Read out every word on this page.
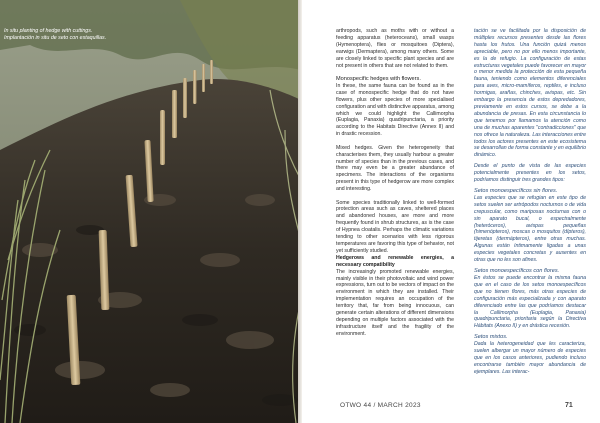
In situ planting of hedge with cuttings.

Implantación in situ de seto con estaquillas.

arthropods, such as moths with or without a feeding apparatus (heteroceans), small wasps (Hymenoptera), flies or mosquitoes (Diptera), earwigs (Dermaptera), among many others. Some are closely linked to specific plant species and are not present in others that are not related to them.

Monospecific hedges with flowers.

In these, the same fauna can be found as in the case of monospecific hedge that do not have flowers, plus other species of more specialised configuration and with distinctive apparatus, among which we could highlight the Callimorpha (Euplagia, Panaxia) quadripunctaria, a priority according to the Habitats Directive (Annex II) and in drastic recession.

Mixed hedges. Given the heterogeneity that characterises them, they usually harbour a greater number of species than in the previous cases, and there may even be a greater abundance of specimens. The interactions of the organisms present in this type of hedgerow are more complex and interesting.

Some species traditionally linked to well-formed protection areas such as caves, sheltered places and abandoned houses, are more and more frequently found in shrub structures, as is the case of Hypnea cloatalis. Perhaps the climatic variations tending to other scenarios with less rigorous temperatures are favoring this type of behavior, not yet sufficiently studied.

Hedgerows and renewable energies, a necessary compatibility

The increasingly promoted renewable energies, mainly visible in their photovoltaic and wind power expressions, turn out to be vectors of impact on the environment in which they are installed. Their implementation requires an occupation of the territory that, far from being innocuous, can generate certain alterations of different dimensions depending on multiple factors associated with the infrastructure itself and the fragility of the environment.

tación se ve facilitada por la disposición de múltiples recursos presentes desde las flores hasta los frutos. Una función quizá menos apreciable, pero no por ello menos importante, es la de refugio. La configuración de estas estructuras vegetales puede favorecer en mayor o menor medida la protección de esta pequeña fauna, teniendo como elementos diferenciales para aves, micro-mamíferos, reptiles, e incluso hormigas, arañas, chinches, avispas, etc. Sin embargo la presencia de estos depredadores, previamente en estos cursos, se debe a la abundancia de presas. En esta circunstancia lo que tenemos por llamamos la atención como una de muchas aparentes "contradicciones" que nos ofrece la naturaleza. Las interacciones entre todos los actores presentes en este ecosistema se desarrollan de forma constante y en equilibrio dinámico.

Desde el punto de vista de las especies potencialmente presentes en los setos, podríamos distinguir tres grandes tipos:

Setos monoespecíficos sin flores.

Las especies que se refugian en este tipo de setos suelen ser artrópodos nocturnos o de vida crepuscular, como mariposas nocturnas con o sin aparato bucal, o espectralmente (heteróceros), avispas pequeñas (himenópteros), moscas o mosquitos (dípteros), tijeretas (dermápteros), entre otras muchas. Algunas están íntimamente ligadas a unas especies vegetales concretas y ausentes en otras que no les son afines.

Setos monoespecíficos con flores.

En éstos se puede encontrar la misma fauna que en el caso de los setos monoespecíficos que no tienen flores, más otras especies de configuración más especializada y con aparato diferenciado entre las que podríamos destacar la Callimorpha (Euplagia, Panaxia) quadripunctaria, prioritaria según la Directiva Hábitats (Anexo II) y en drástica recesión.

Setos mixtos.

Dada la heterogeneidad que les caracteriza, suelen albergar un mayor número de especies que en los casos anteriores, pudiendo incluso encontrarse también mayor abundancia de ejemplares. Las interac-

OTWO 44 / MARCH 2023	71
